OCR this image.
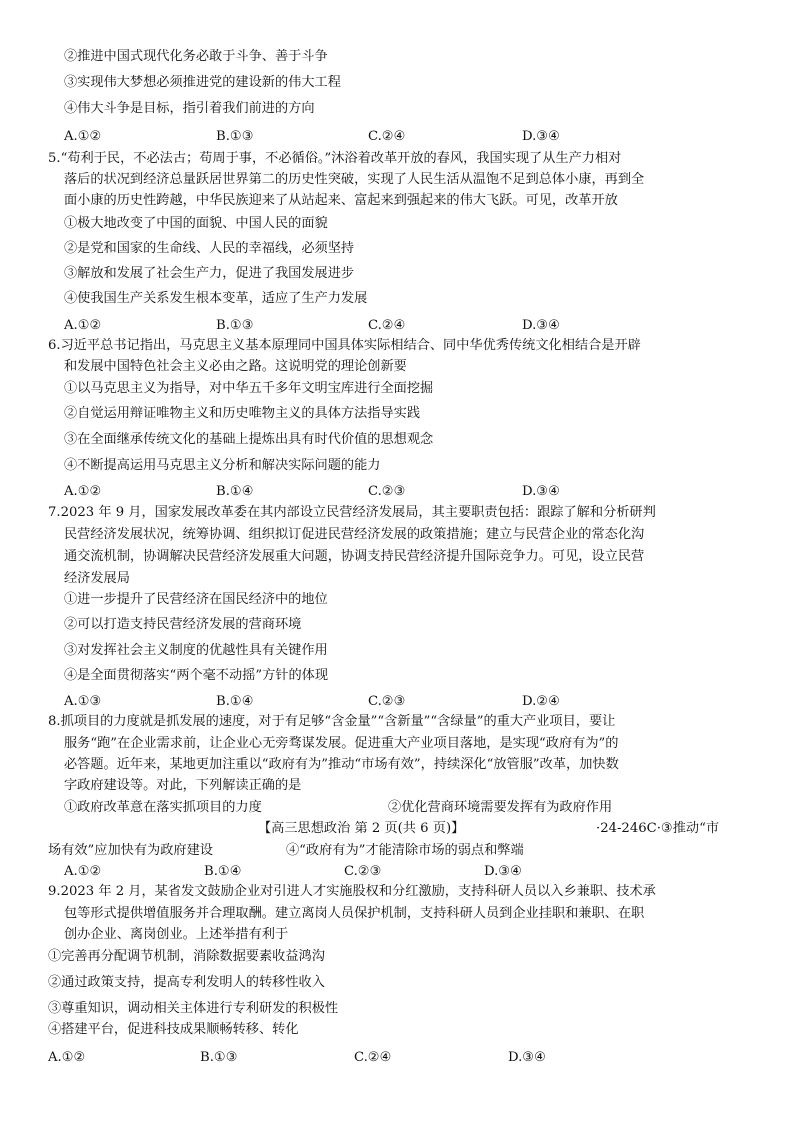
②推进中国式现代化务必敢于斗争、善于斗争
③实现伟大梦想必须推进党的建设新的伟大工程
④伟大斗争是目标，指引着我们前进的方向
A.①②	B.①③	C.②④	D.③④
5.“苟利于民，不必法古；苟周于事，不必循俗。”沐浴着改革开放的春风，我国实现了从生产力相对
落后的状况到经济总量跃居世界第二的历史性突破，实现了人民生活从温饱不足到总体小康，再到全
面小康的历史性跨越，中华民族迎来了从站起来、富起来到强起来的伟大飞跃。可见，改革开放
①极大地改变了中国的面貌、中国人民的面貌
②是党和国家的生命线、人民的幸福线，必须坚持
③解放和发展了社会生产力，促进了我国发展进步
④使我国生产关系发生根本变革，适应了生产力发展
A.①②	B.①③	C.②④	D.③④
6.习近平总书记指出，马克思主义基本原理同中国具体实际相结合、同中华优秀传统文化相结合是开辟
和发展中国特色社会主义必由之路。这说明党的理论创新要
①以马克思主义为指导，对中华五千多年文明宝库进行全面挖掘
②自觉运用辩证唯物主义和历史唯物主义的具体方法指导实践
③在全面继承传统文化的基础上提炼出具有时代价值的思想观念
④不断提高运用马克思主义分析和解决实际问题的能力
A.①②	B.①④	C.②③	D.③④
7.2023 年 9 月，国家发展改革委在其内部设立民营经济发展局，其主要职责包括：跟踪了解和分析研判
民营经济发展状况，统筹协调、组织拟订促进民营经济发展的政策措施；建立与民营企业的常态化沟
通交流机制，协调解决民营经济发展重大问题，协调支持民营经济提升国际竞争力。可见，设立民营
经济发展局
①进一步提升了民营经济在国民经济中的地位
②可以打造支持民营经济发展的营商环境
③对发挥社会主义制度的优越性具有关键作用
④是全面贯彻落实“两个毫不动摇”方针的体现
A.①③	B.①④	C.②③	D.②④
8.抓项目的力度就是抓发展的速度，对于有足够“含金量”“含新量”“含绿量”的重大产业项目，要让
服务“跑”在企业需求前，让企业心无旁骛谋发展。促进重大产业项目落地，是实现“政府有为”的
必答题。近年来，某地更加注重以“政府有为”推动“市场有效”，持续深化“放管服”改革，加快数
字政府建设等。对此，下列解读正确的是
①政府改革意在落实抓项目的力度	②优化营商环境需要发挥有为政府作用
【高三思想政治 第 2 页(共 6 页)】	·24-246C·③推动“市
场有效”应加快有为政府建设	④“政府有为”才能清除市场的弱点和弊端
A.①②	B.①④	C.②③	D.③④
9.2023 年 2 月，某省发文鼓励企业对引进人才实施股权和分红激励，支持科研人员以入乡兼职、技术承
包等形式提供增值服务并合理取酬。建立离岗人员保护机制，支持科研人员到企业挂职和兼职、在职
创办企业、离岗创业。上述举措有利于
①完善再分配调节机制，消除数据要素收益鸿沟
②通过政策支持，提高专利发明人的转移性收入
③尊重知识，调动相关主体进行专利研发的积极性
④搭建平台，促进科技成果顺畅转移、转化
A.①②	B.①③	C.②④	D.③④
